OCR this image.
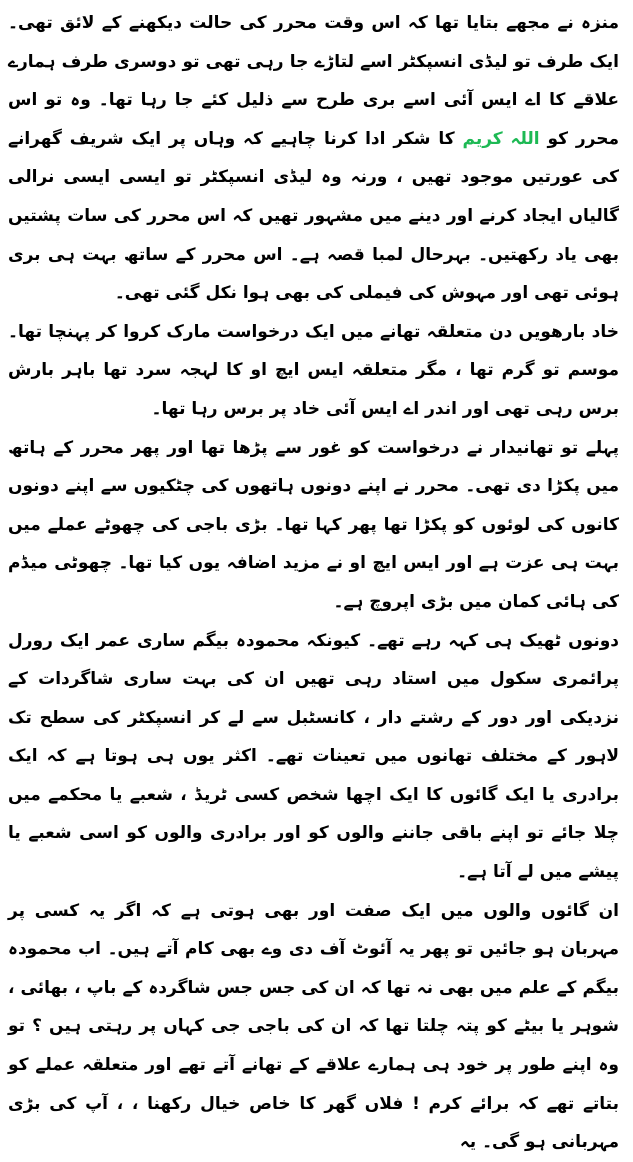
منزہ نے مجھے بتایا تھا کہ اس وقت محرر کی حالت دیکھنے کے لائق تھی۔ ایک طرف تو لیڈی انسپکٹر اسے لتاڑے جا رہی تھی تو دوسری طرف ہمارے علاقے کا اے ایس آئی اسے بری طرح سے ذلیل کئے جا رہا تھا۔ وہ تو اس محرر کو اللہ کریم کا شکر ادا کرنا چاہیے کہ وہاں پر ایک شریف گھرانے کی عورتیں موجود تھیں ، ورنہ وہ لیڈی انسپکٹر تو ایسی ایسی نرالی گالیاں ایجاد کرنے اور دینے میں مشہور تھیں کہ اس محرر کی سات پشتیں بھی یاد رکھتیں۔ بہرحال لمبا قصہ ہے۔ اس محرر کے ساتھ بہت ہی بری ہوئی تھی اور مہوش کی فیملی کی بھی ہوا نکل گئی تھی۔

خاد بارھویں دن متعلقہ تھانے میں ایک درخواست مارک کروا کر پہنچا تھا۔ موسم تو گرم تھا ، مگر متعلقہ ایس ایچ او کا لہجہ سرد تھا باہر بارش برس رہی تھی اور اندر اے ایس آئی خاد پر برس رہا تھا۔

پہلے تو تھانیدار نے درخواست کو غور سے پڑھا تھا اور پھر محرر کے ہاتھ میں پکڑا دی تھی۔ محرر نے اپنے دونوں ہاتھوں کی چٹکیوں سے اپنے دونوں کانوں کی لوئوں کو پکڑا تھا پھر کہا تھا۔ بڑی باجی کی چھوٹے عملے میں بہت ہی عزت ہے اور ایس ایچ او نے مزید اضافہ یوں کیا تھا۔ چھوٹی میڈم کی ہائی کمان میں بڑی اپروچ ہے۔

دونوں ٹھیک ہی کہہ رہے تھے۔ کیونکہ محمودہ بیگم ساری عمر ایک رورل پرائمری سکول میں استاد رہی تھیں ان کی بہت ساری شاگردات کے نزدیکی اور دور کے رشتے دار ، کانسٹبل سے لے کر انسپکٹر کی سطح تک لاہور کے مختلف تھانوں میں تعینات تھے۔ اکثر یوں ہی ہوتا ہے کہ ایک برادری یا ایک گائوں کا ایک اچھا شخص کسی ٹریڈ ، شعبے یا محکمے میں چلا جائے تو اپنے باقی جاننے والوں کو اور برادری والوں کو اسی شعبے یا پیشے میں لے آتا ہے۔

ان گائوں والوں میں ایک صفت اور بھی ہوتی ہے کہ اگر یہ کسی پر مہربان ہو جائیں تو پھر یہ آئوٹ آف دی وے بھی کام آتے ہیں۔ اب محمودہ بیگم کے علم میں بھی نہ تھا کہ ان کی جس جس شاگردہ کے باپ ، بھائی ، شوہر یا بیٹے کو پتہ چلتا تھا کہ ان کی باجی جی کہاں پر رہتی ہیں ؟ تو وہ اپنے طور پر خود ہی ہمارے علاقے کے تھانے آتے تھے اور متعلقہ عملے کو بتاتے تھے کہ برائے کرم ! فلاں گھر کا خاص خیال رکھنا ، ، آپ کی بڑی مہربانی ہو گی۔ یہ
